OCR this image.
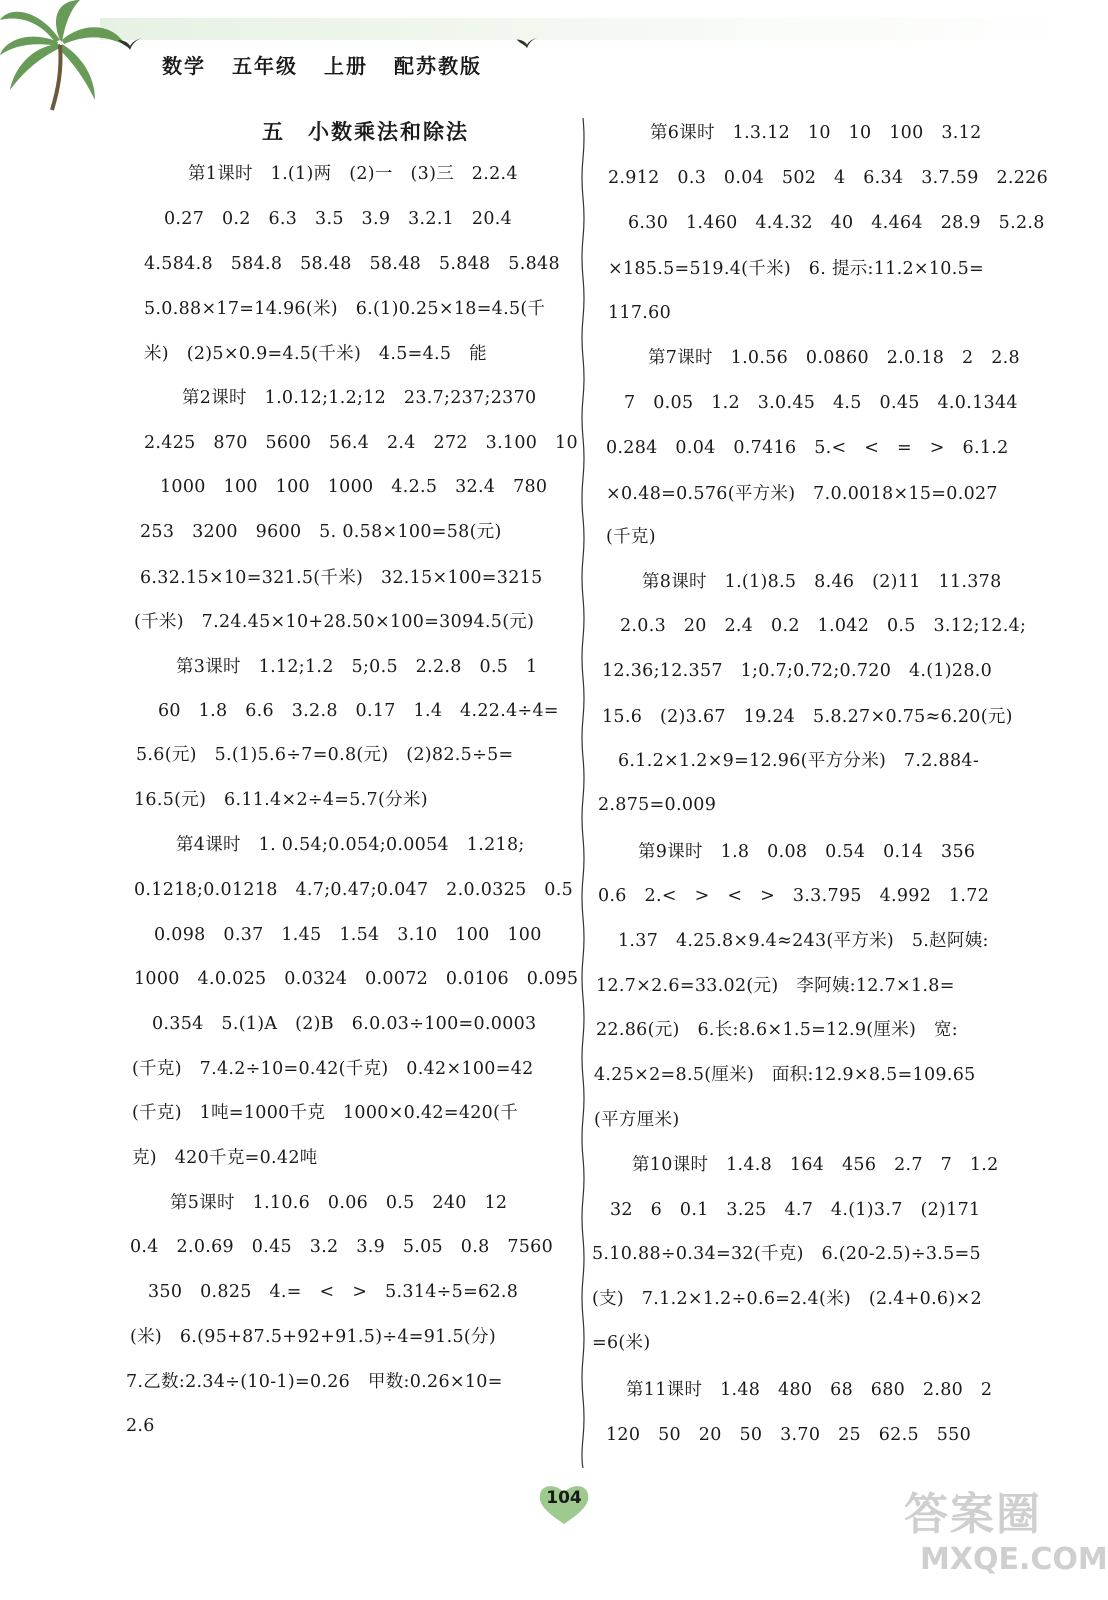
数学 五年级 上册 配苏教版
五　小数乘法和除法
第1课时　1.(1)两　(2)一　(3)三　2.2.4
0.27　0.2　6.3　3.5　3.9　3.2.1　20.4
4.584.8　584.8　58.48　58.48　5.848　5.848
5.0.88×17=14.96(米)　6.(1)0.25×18=4.5(千
米)　(2)5×0.9=4.5(千米)　4.5=4.5　能
第2课时　1.0.12;1.2;12　23.7;237;2370
2.425　870　5600　56.4　2.4　272　3.100　10
1000　100　100　1000　4.2.5　32.4　780
253　3200　9600　5. 0.58×100=58(元)
6.32.15×10=321.5(千米)　32.15×100=3215
(千米)　7.24.45×10+28.50×100=3094.5(元)
第3课时　1.12;1.2　5;0.5　2.2.8　0.5　1
60　1.8　6.6　3.2.8　0.17　1.4　4.22.4÷4=
5.6(元)　5.(1)5.6÷7=0.8(元)　(2)82.5÷5=
16.5(元)　6.11.4×2÷4=5.7(分米)
第4课时　1. 0.54;0.054;0.0054　1.218;
0.1218;0.01218　4.7;0.47;0.047　2.0.0325　0.5
0.098　0.37　1.45　1.54　3.10　100　100
1000　4.0.025　0.0324　0.0072　0.0106　0.095
0.354　5.(1)A　(2)B　6.0.03÷100=0.0003
(千克)　7.4.2÷10=0.42(千克)　0.42×100=42
(千克)　1吨=1000千克　1000×0.42=420(千
克)　420千克=0.42吨
第5课时　1.10.6　0.06　0.5　240　12
0.4　2.0.69　0.45　3.2　3.9　5.05　0.8　7560
350　0.825　4.=　<　>　5.314÷5=62.8
(米)　6.(95+87.5+92+91.5)÷4=91.5(分)
7.乙数:2.34÷(10-1)=0.26　甲数:0.26×10=
2.6
第6课时　1.3.12　10　10　100　3.12
2.912　0.3　0.04　502　4　6.34　3.7.59　2.226
6.30　1.460　4.4.32　40　4.464　28.9　5.2.8
×185.5=519.4(千米)　6. 提示:11.2×10.5=
117.60
第7课时　1.0.56　0.0860　2.0.18　2　2.8
7　0.05　1.2　3.0.45　4.5　0.45　4.0.1344
0.284　0.04　0.7416　5.<　<　=　>　6.1.2
×0.48=0.576(平方米)　7.0.0018×15=0.027
(千克)
第8课时　1.(1)8.5　8.46　(2)11　11.378
2.0.3　20　2.4　0.2　1.042　0.5　3.12;12.4;
12.36;12.357　1;0.7;0.72;0.720　4.(1)28.0
15.6　(2)3.67　19.24　5.8.27×0.75≈6.20(元)
6.1.2×1.2×9=12.96(平方分米)　7.2.884-
2.875=0.009
第9课时　1.8　0.08　0.54　0.14　356
0.6　2.<　>　<　>　3.3.795　4.992　1.72
1.37　4.25.8×9.4≈243(平方米)　5.赵阿姨:
12.7×2.6=33.02(元)　李阿姨:12.7×1.8=
22.86(元)　6.长:8.6×1.5=12.9(厘米)　宽:
4.25×2=8.5(厘米)　面积:12.9×8.5=109.65
(平方厘米)
第10课时　1.4.8　164　456　2.7　7　1.2
32　6　0.1　3.25　4.7　4.(1)3.7　(2)171
5.10.88÷0.34=32(千克)　6.(20-2.5)÷3.5=5
(支)　7.1.2×1.2÷0.6=2.4(米)　(2.4+0.6)×2
=6(米)
第11课时　1.48　480　68　680　2.80　2
120　50　20　50　3.70　25　62.5　550
104	答案圈
MXQE.COM
